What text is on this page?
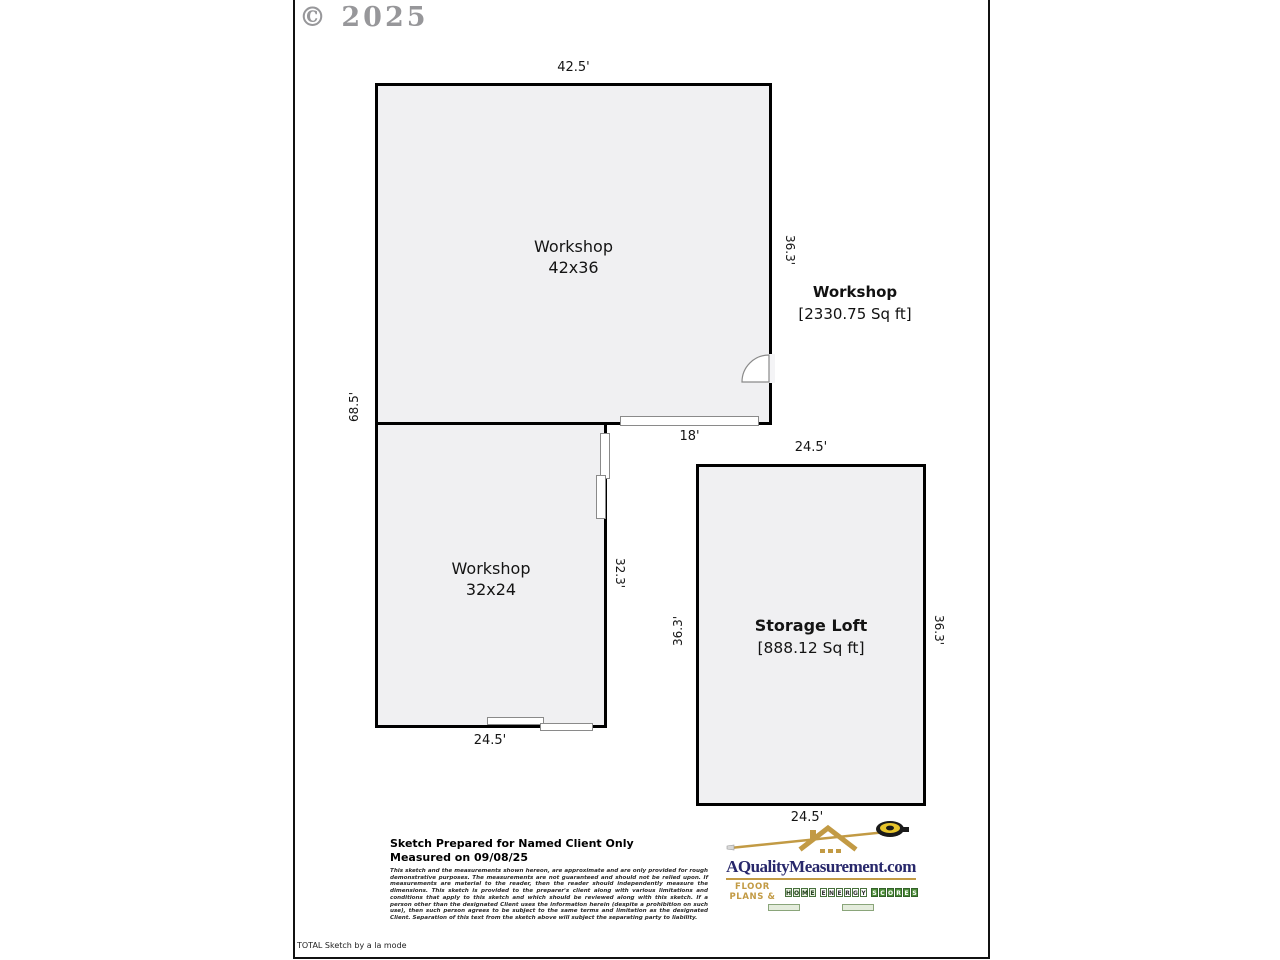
© 2025
Workshop
42x36
42.5'
36.3'
68.5'
Workshop
[2330.75 Sq ft]
18'
Workshop
32x24
32.3'
24.5'
Storage Loft
[888.12 Sq ft]
24.5'
24.5'
36.3'	36.3'
Sketch Prepared for Named Client Only
Measured on 09/08/25
This sketch and the measurements shown hereon, are approximate and are only provided for rough demonstrative purposes. The measurements are not guaranteed and should not be relied upon. If measurements are material to the reader, then the reader should independently measure the dimensions. This sketch is provided to the preparer's client along with various limitations and conditions that apply to this sketch and which should be reviewed along with this sketch. If a person other than the designated Client uses the information herein (despite a prohibition on such use), then such person agrees to be subject to the same terms and limitation as the designated Client. Separation of this text from the sketch above will subject the separating party to liability.
AQualityMeasurement.com
FLOOR PLANS &	H O M E E N E R G Y S C O R E S
TOTAL Sketch by a la mode
